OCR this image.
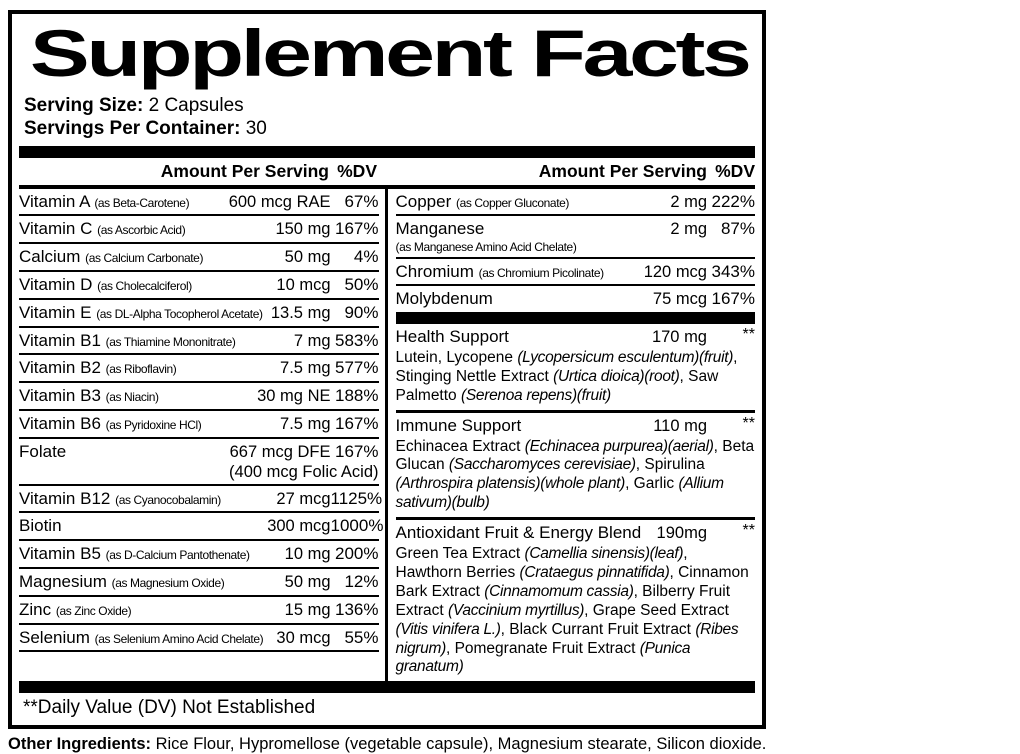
Supplement Facts
Serving Size: 2 Capsules
Servings Per Container: 30
Amount Per Serving %DV	Amount Per Serving %DV
Vitamin A (as Beta-Carotene)	600 mcg RAE 67%
Vitamin C (as Ascorbic Acid)	150 mg 167%
Calcium (as Calcium Carbonate)	50 mg	4%
Vitamin D (as Cholecalciferol)	10 mcg 50%
Vitamin E (as DL-Alpha Tocopherol Acetate) 13.5 mg 90%
Vitamin B1 (as Thiamine Mononitrate)	7 mg 583%
Vitamin B2 (as Riboflavin)	7.5 mg 577%
Vitamin B3 (as Niacin)	30 mg NE 188%
Vitamin B6 (as Pyridoxine HCl)	7.5 mg 167%
Folate	667 mcg DFE 167%
(400 mcg Folic Acid)
Vitamin B12 (as Cyanocobalamin)	27 mcg 1125%
Biotin	300 mcg 1000%
Vitamin B5 (as D-Calcium Pantothenate)	10 mg 200%
Magnesium (as Magnesium Oxide)	50 mg 12%
Zinc (as Zinc Oxide)	15 mg 136%
Selenium (as Selenium Amino Acid Chelate) 30 mcg 55%
Copper (as Copper Gluconate)	2 mg 222%
Manganese	2 mg 87%
(as Manganese Amino Acid Chelate)
Chromium (as Chromium Picolinate)	120 mcg 343%
Molybdenum	75 mcg 167%
Health Support	170 mg	**

Lutein, Lycopene (Lycopersicum esculentum)(fruit), Stinging Nettle Extract (Urtica dioica)(root), Saw Palmetto (Serenoa repens)(fruit)

Immune Support	110 mg	**

Echinacea Extract (Echinacea purpurea)(aerial), Beta Glucan (Saccharomyces cerevisiae), Spirulina (Arthrospira platensis)(whole plant), Garlic (Allium sativum)(bulb)

Antioxidant Fruit & Energy Blend 190mg	**

Green Tea Extract (Camellia sinensis)(leaf), Hawthorn Berries (Crataegus pinnatifida), Cinnamon Bark Extract (Cinnamomum cassia), Bilberry Fruit Extract (Vaccinium myrtillus), Grape Seed Extract (Vitis vinifera L.), Black Currant Fruit Extract (Ribes nigrum), Pomegranate Fruit Extract (Punica granatum)

**Daily Value (DV) Not Established
Other Ingredients: Rice Flour, Hypromellose (vegetable capsule), Magnesium stearate, Silicon dioxide.
